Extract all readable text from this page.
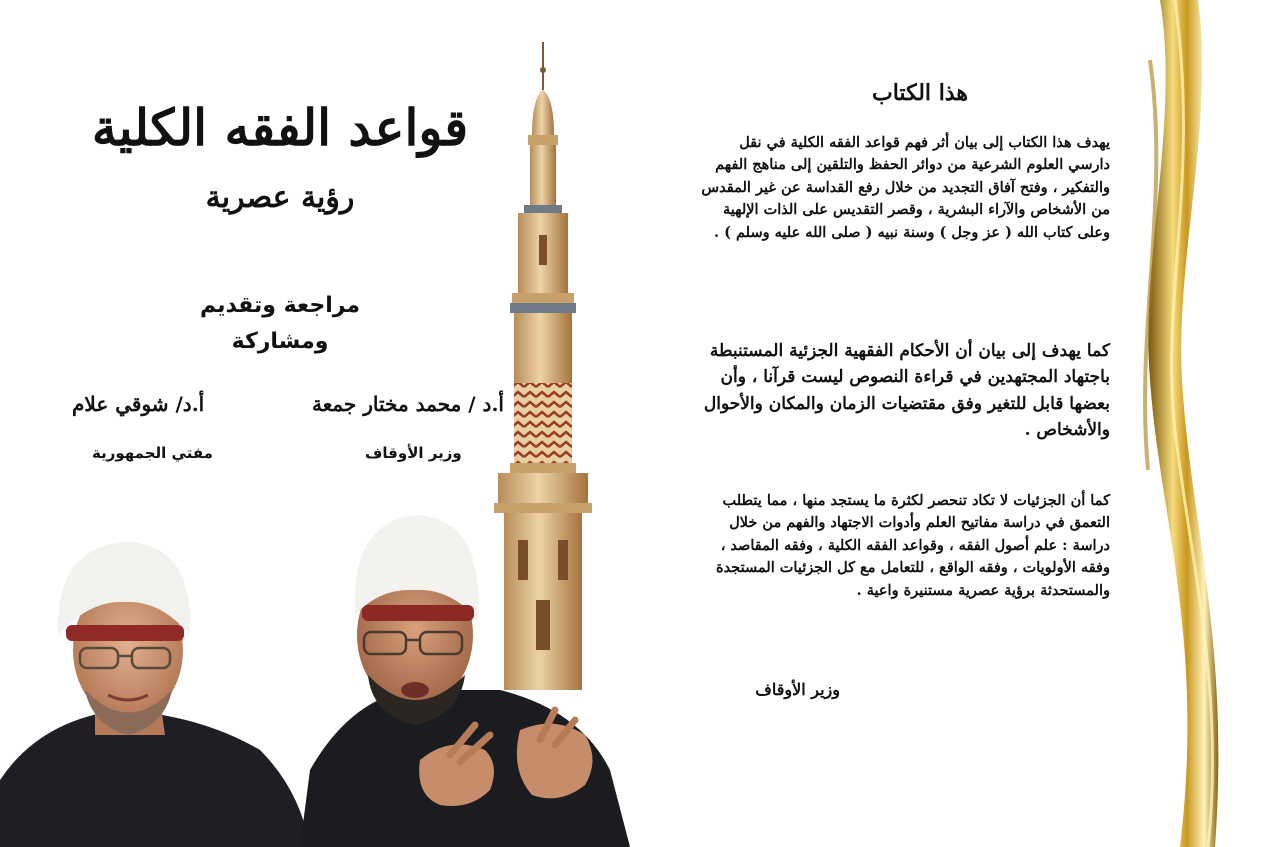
هذا الكتاب

يهدف هذا الكتاب إلى بيان أثر فهم قواعد الفقه الكلية في نقل دارسي العلوم الشرعية من دوائر الحفظ والتلقين إلى مناهج الفهم والتفكير ، وفتح آفاق التجديد من خلال رفع القداسة عن غير المقدس من الأشخاص والآراء البشرية ، وقصر التقديس على الذات الإلهية وعلى كتاب الله ( عز وجل ) وسنة نبيه ( صلى الله عليه وسلم ) .

كما يهدف إلى بيان أن الأحكام الفقهية الجزئية المستنبطة باجتهاد المجتهدين في قراءة النصوص ليست قرآنا ، وأن بعضها قابل للتغير وفق مقتضيات الزمان والمكان والأحوال والأشخاص .

كما أن الجزئيات لا تكاد تنحصر لكثرة ما يستجد منها ، مما يتطلب التعمق في دراسة مفاتيح العلم وأدوات الاجتهاد والفهم من خلال دراسة : علم أصول الفقه ، وقواعد الفقه الكلية ، وفقه المقاصد ، وفقه الأولويات ، وفقه الواقع ، للتعامل مع كل الجزئيات المستجدة والمستحدثة برؤية عصرية مستنيرة واعية .

وزير الأوقاف
قواعد الفقه الكلية
رؤية عصرية
مراجعة وتقديم
ومشاركة
أ.د / محمد مختار جمعة
وزير الأوقاف
أ.د/ شوقي علام
مفتي الجمهورية
